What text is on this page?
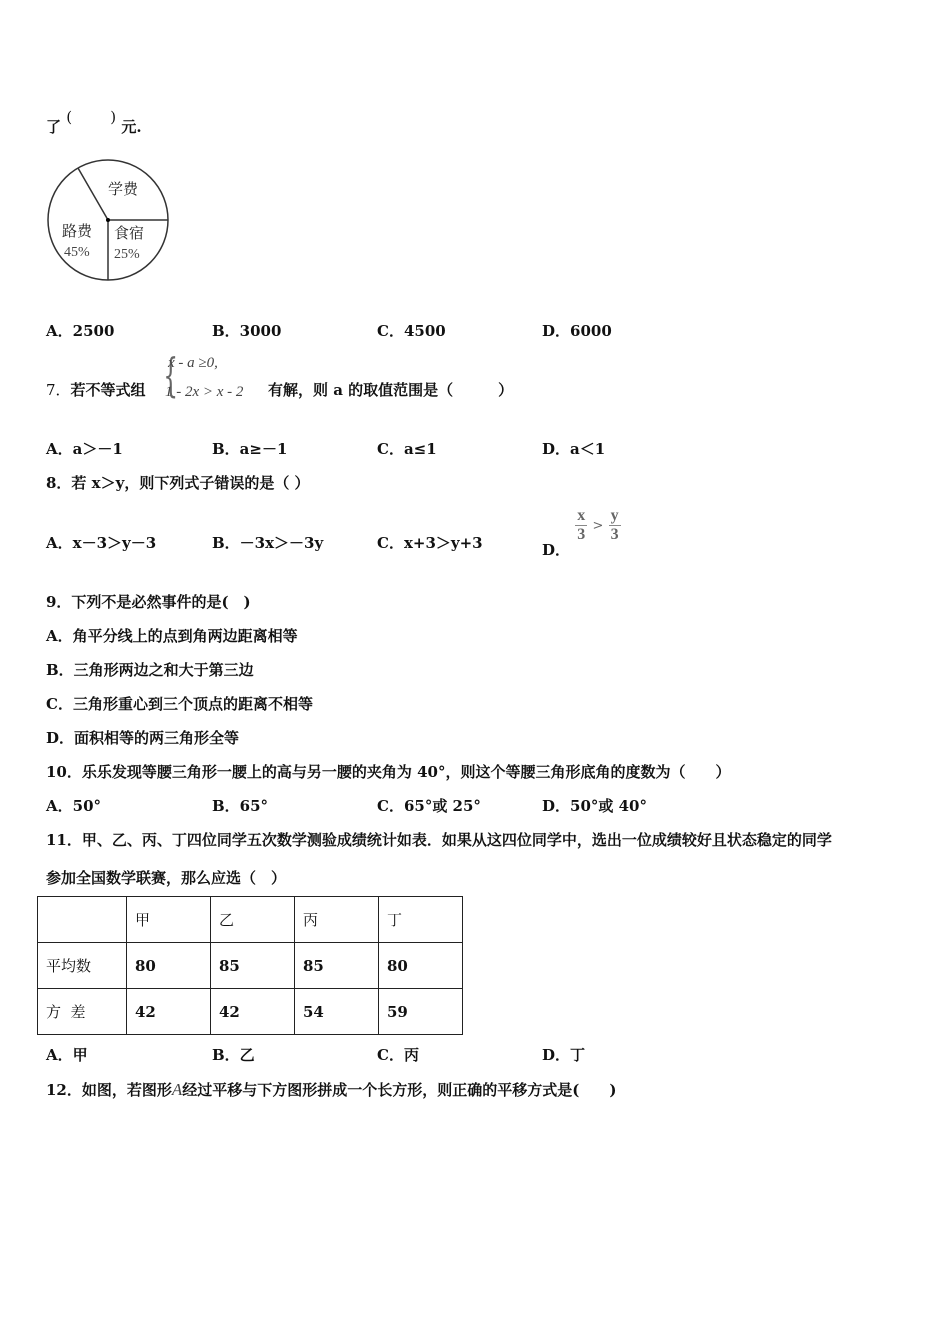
了 (        ) 元.
学费
路费
45%
食宿
25%
A．2500	B．3000	C．4500	D．6000
7．若不等式组 {
x - a ≥0,
1 - 2x > x - 2 有解，则 a 的取值范围是（　　　）
A．a＞－1	B．a≥－1	C．a≤1	D．a＜1
8．若 x＞y，则下列式子错误的是（ ）
A．x－3＞y－3	B．－3x＞－3y	C．x+3＞y+3	D．
$\frac{x}{3} > \frac{y}{3}$
9．下列不是必然事件的是(　)
A．角平分线上的点到角两边距离相等
B．三角形两边之和大于第三边
C．三角形重心到三个顶点的距离不相等
D．面积相等的两三角形全等
10．乐乐发现等腰三角形一腰上的高与另一腰的夹角为 40°，则这个等腰三角形底角的度数为（　　）
A．50°	B．65°	C．65°或 25°	D．50°或 40°
11．甲、乙、丙、丁四位同学五次数学测验成绩统计如表．如果从这四位同学中，选出一位成绩较好且状态稳定的同学
参加全国数学联赛，那么应选（　）
	甲	乙	丙	丁
平均数	80	85	85	80
方  差	42	42	54	59
A．甲	B．乙	C．丙	D．丁
12．如图，若图形A经过平移与下方图形拼成一个长方形，则正确的平移方式是(　　)
